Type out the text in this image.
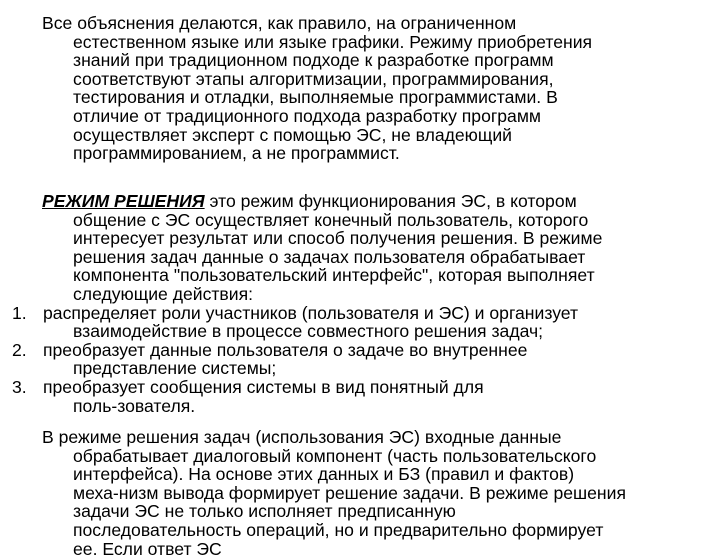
Все объяснения делаются, как правило, на ограниченном
естественном языке или языке графики. Режиму приобретения
знаний при традиционном подходе к разработке программ
соответствуют этапы алгоритмизации, программирования,
тестирования и отладки, выполняемые программистами. В
отличие от традиционного подхода разработку программ
осуществляет эксперт с помощью ЭС, не владеющий
программированием, а не программист.
РЕЖИМ РЕШЕНИЯ это режим функционирования ЭС, в котором
общение с ЭС осуществляет конечный пользователь, которого
интересует результат или способ получения решения. В режиме
решения задач данные о задачах пользователя обрабатывает
компонента "пользовательский интерфейс", которая выполняет
следующие действия:
1. распределяет роли участников (пользователя и ЭС) и организует
взаимодействие в процессе совместного решения задач;
2. преобразует данные пользователя о задаче во внутреннее
представление системы;
3. преобразует сообщения системы в вид понятный для
поль-зователя.
В режиме решения задач (использования ЭС) входные данные
обрабатывает диалоговый компонент (часть пользовательского
интерфейса). На основе этих данных и БЗ (правил и фактов)
меха-низм вывода формирует решение задачи. В режиме решения
задачи ЭС не только исполняет предписанную
последовательность операций, но и предварительно формирует
ее. Если ответ ЭС
